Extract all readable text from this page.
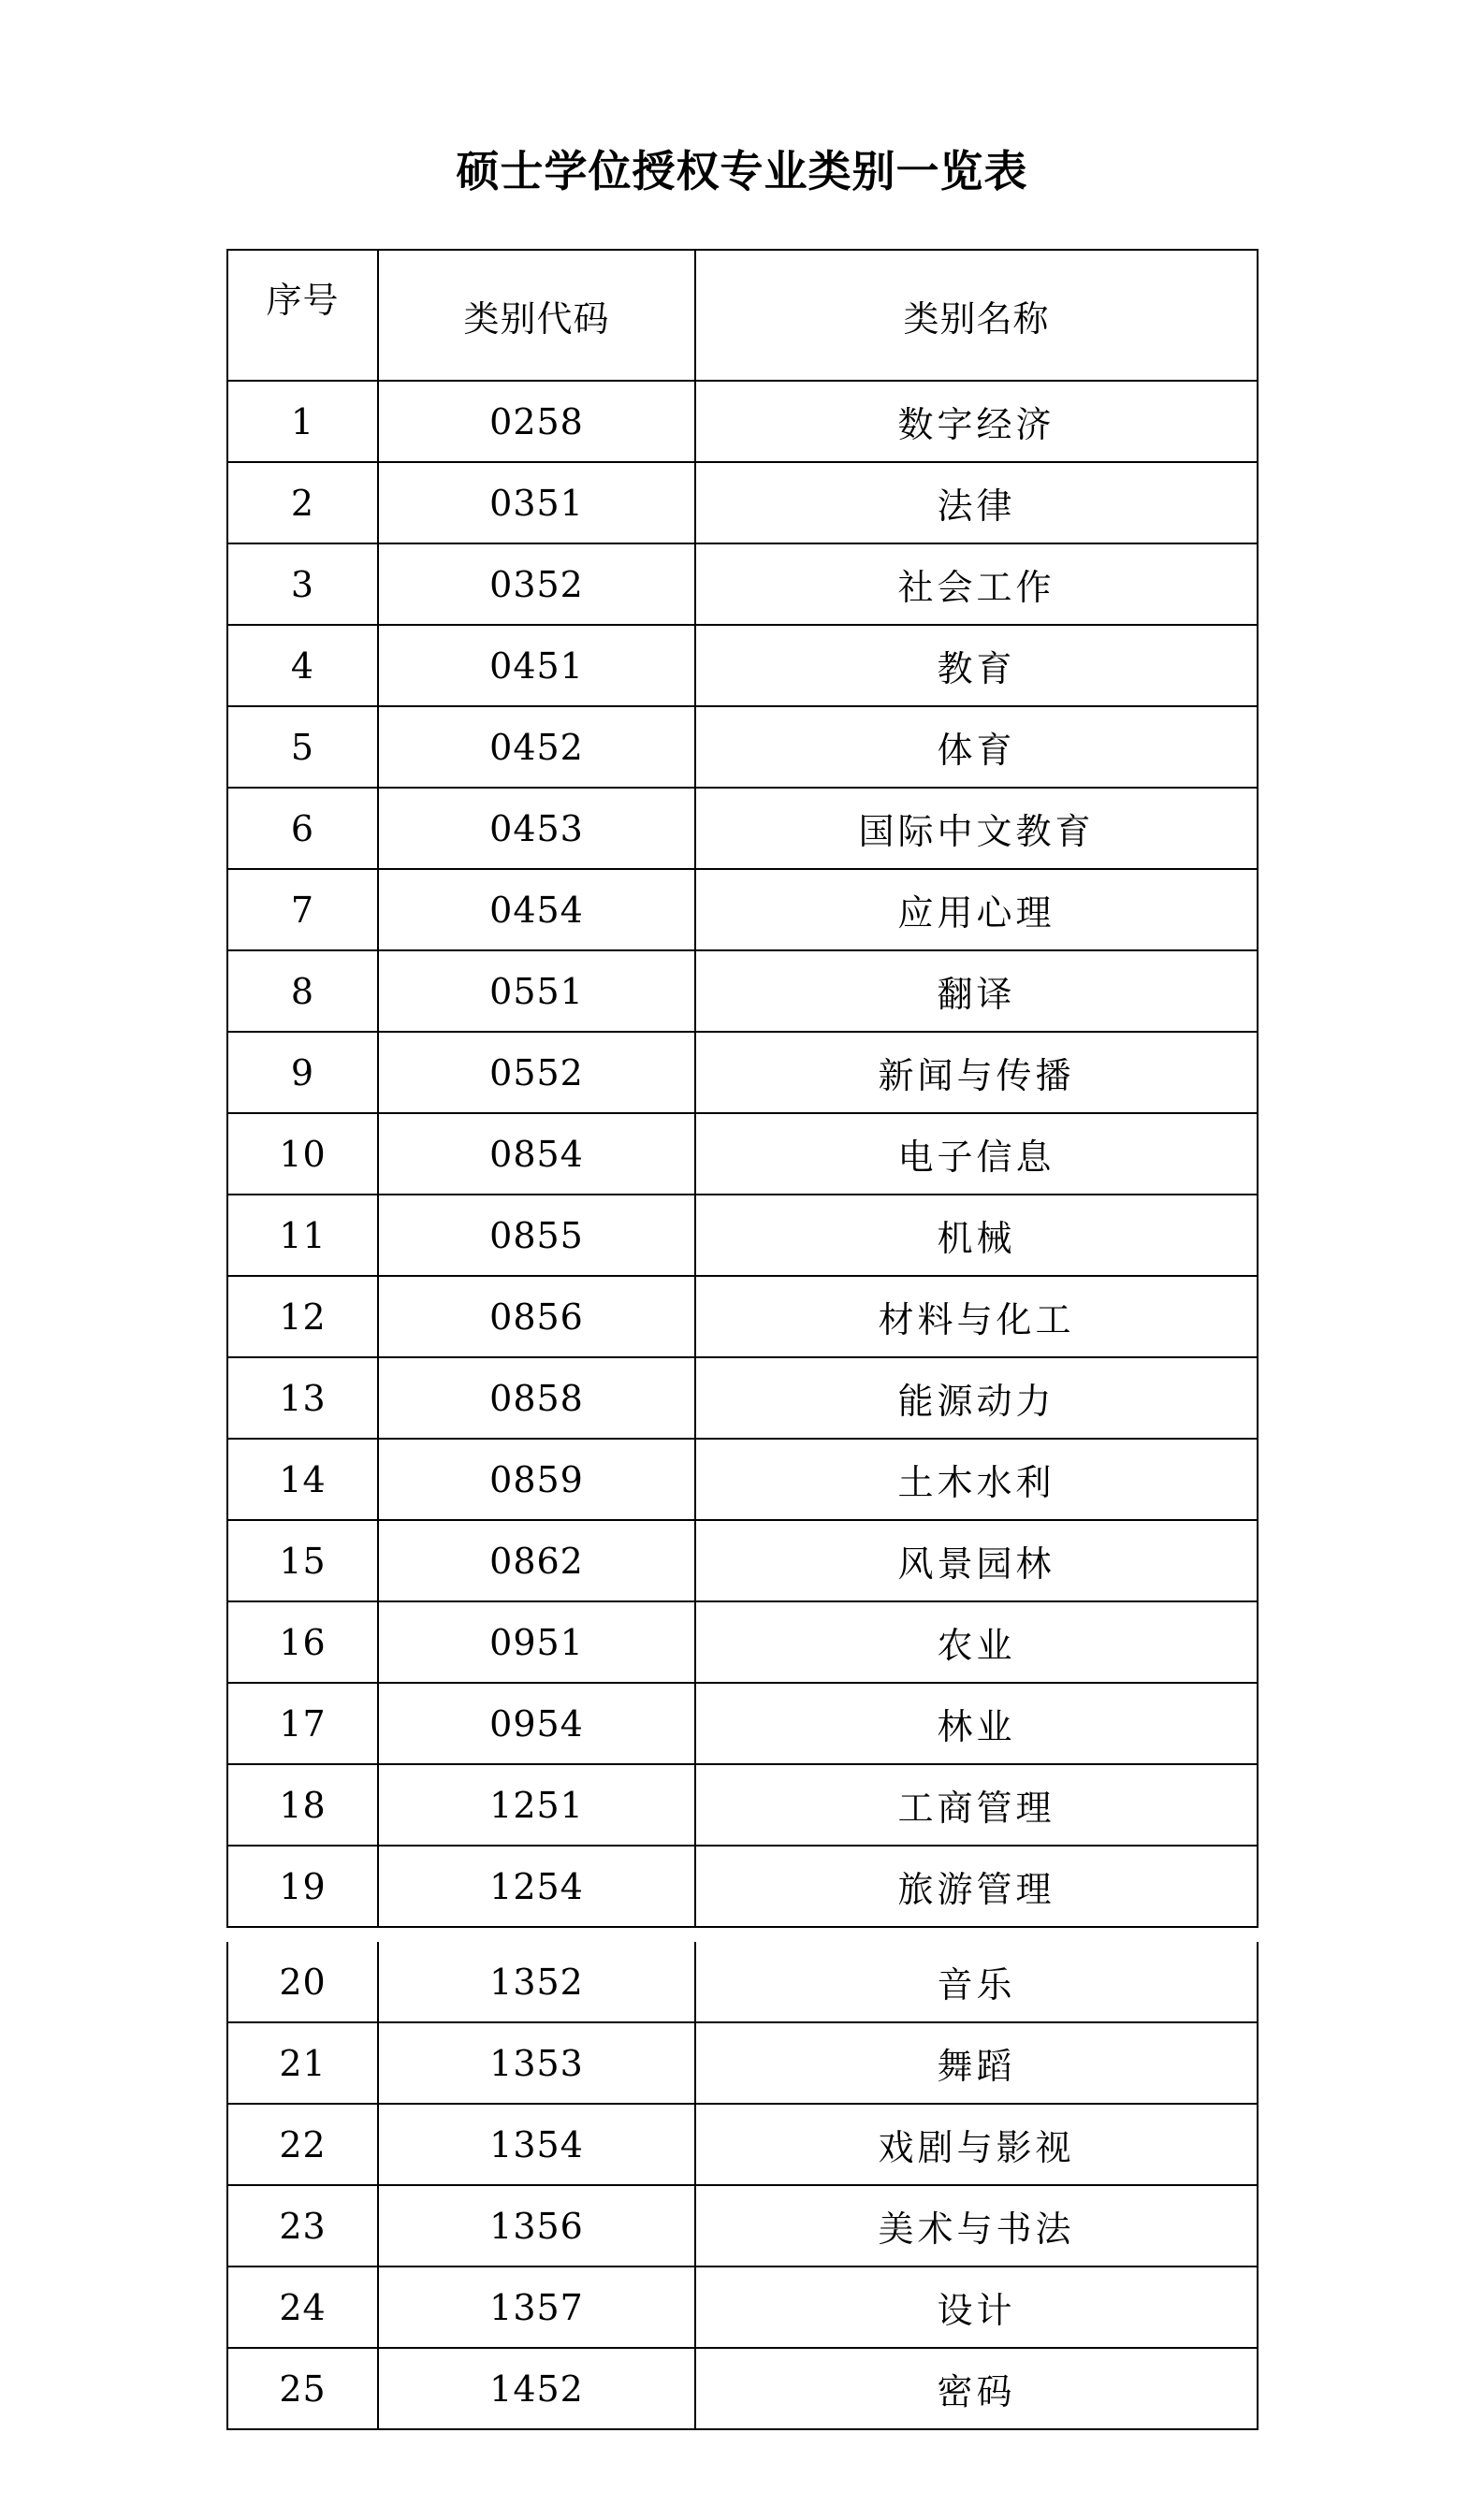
硕士学位授权专业类别一览表
序号	类别代码	类别名称
1	0258	数字经济
2	0351	法律
3	0352	社会工作
4	0451	教育
5	0452	体育
6	0453	国际中文教育
7	0454	应用心理
8	0551	翻译
9	0552	新闻与传播
10	0854	电子信息
11	0855	机械
12	0856	材料与化工
13	0858	能源动力
14	0859	土木水利
15	0862	风景园林
16	0951	农业
17	0954	林业
18	1251	工商管理
19	1254	旅游管理
20	1352	音乐
21	1353	舞蹈
22	1354	戏剧与影视
23	1356	美术与书法
24	1357	设计
25	1452	密码
